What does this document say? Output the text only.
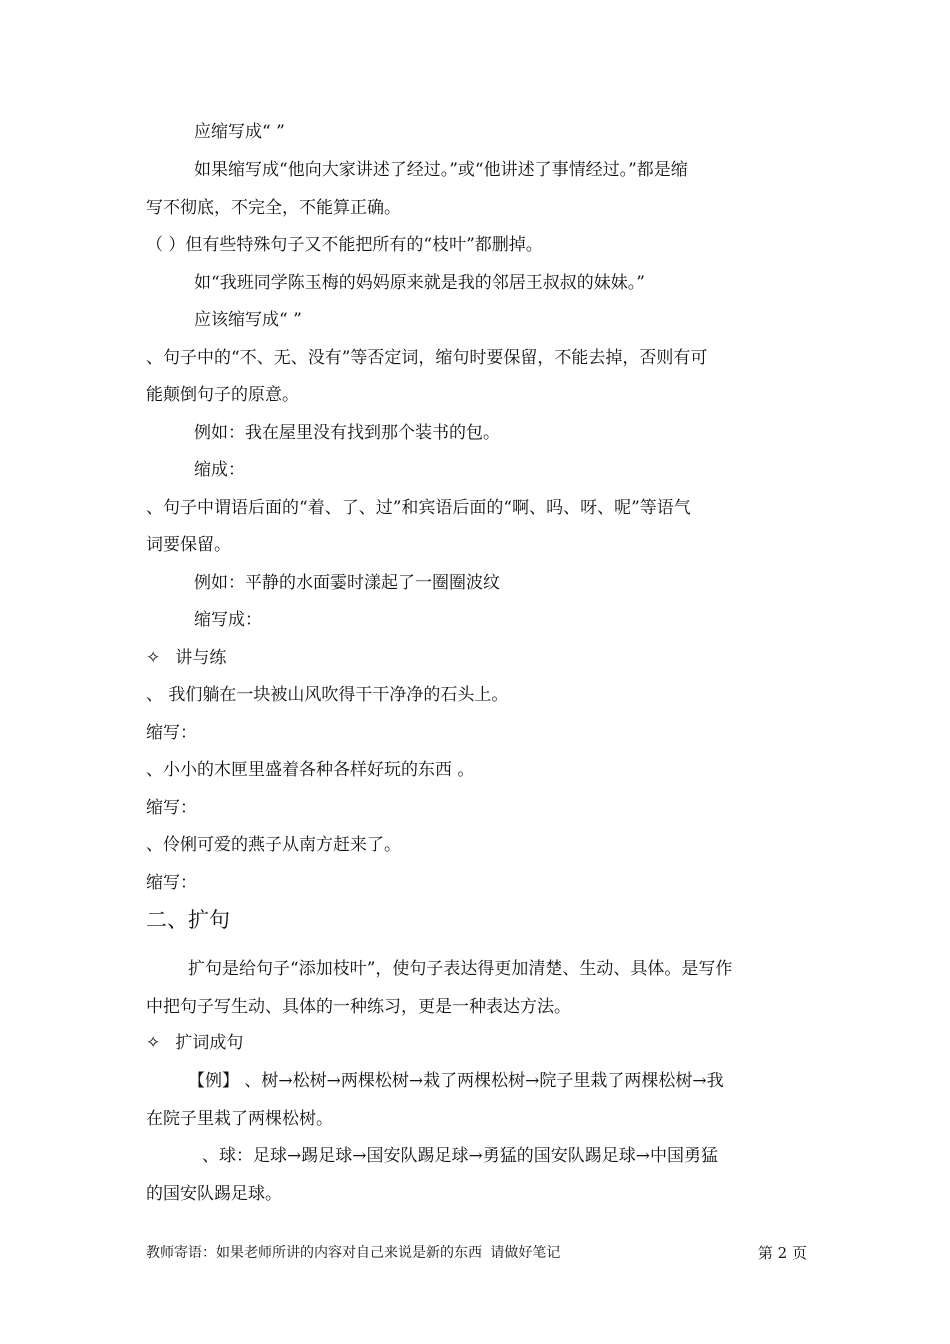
应缩写成“ ”
如果缩写成“他向大家讲述了经过。”或“他讲述了事情经过。”都是缩
写不彻底，不完全，不能算正确。
（ ）但有些特殊句子又不能把所有的“枝叶”都删掉。
如“我班同学陈玉梅的妈妈原来就是我的邻居王叔叔的妹妹。”
应该缩写成“ ”
、句子中的“不、无、没有”等否定词，缩句时要保留，不能去掉，否则有可
能颠倒句子的原意。
例如：我在屋里没有找到那个装书的包。
缩成：
、句子中谓语后面的“着、了、过”和宾语后面的“啊、吗、呀、呢”等语气
词要保留。
例如：平静的水面霎时漾起了一圈圈波纹
缩写成：
✧ 讲与练
、 我们躺在一块被山风吹得干干净净的石头上。
缩写：
、小小的木匣里盛着各种各样好玩的东西 。
缩写：
、伶俐可爱的燕子从南方赶来了。
缩写：
二、扩句
扩句是给句子“添加枝叶”，使句子表达得更加清楚、生动、具体。是写作
中把句子写生动、具体的一种练习，更是一种表达方法。
✧ 扩词成句
【例】 、树→松树→两棵松树→栽了两棵松树→院子里栽了两棵松树→我
在院子里栽了两棵松树。
、球：足球→踢足球→国安队踢足球→勇猛的国安队踢足球→中国勇猛
的国安队踢足球。
教师寄语：如果老师所讲的内容对自己来说是新的东西 请做好笔记	第 2 页
